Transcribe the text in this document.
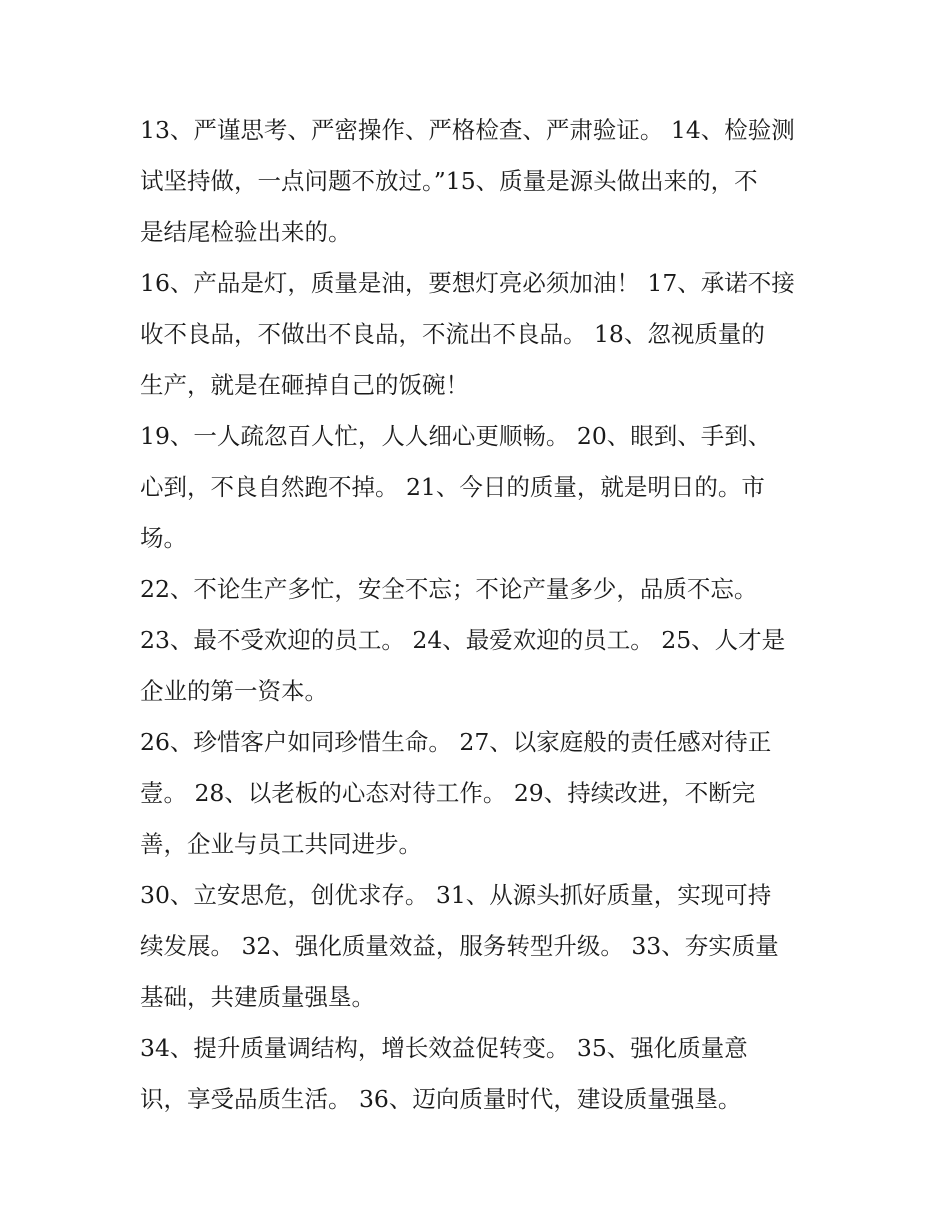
13、严谨思考、严密操作、严格检查、严肃验证。 14、检验测
试坚持做，一点问题不放过。”15、质量是源头做出来的，不
是结尾检验出来的。

16、产品是灯，质量是油，要想灯亮必须加油！ 17、承诺不接
收不良品，不做出不良品，不流出不良品。 18、忽视质量的
生产，就是在砸掉自己的饭碗！

19、一人疏忽百人忙，人人细心更顺畅。 20、眼到、手到、
心到，不良自然跑不掉。 21、今日的质量，就是明日的。市
场。

22、不论生产多忙，安全不忘；不论产量多少，品质不忘。

23、最不受欢迎的员工。 24、最爱欢迎的员工。 25、人才是
企业的第一资本。

26、珍惜客户如同珍惜生命。 27、以家庭般的责任感对待正
壹。 28、以老板的心态对待工作。 29、持续改进，不断完
善，企业与员工共同进步。

30、立安思危，创优求存。 31、从源头抓好质量，实现可持
续发展。 32、强化质量效益，服务转型升级。 33、夯实质量
基础，共建质量强垦。

34、提升质量调结构，增长效益促转变。 35、强化质量意
识，享受品质生活。 36、迈向质量时代，建设质量强垦。
